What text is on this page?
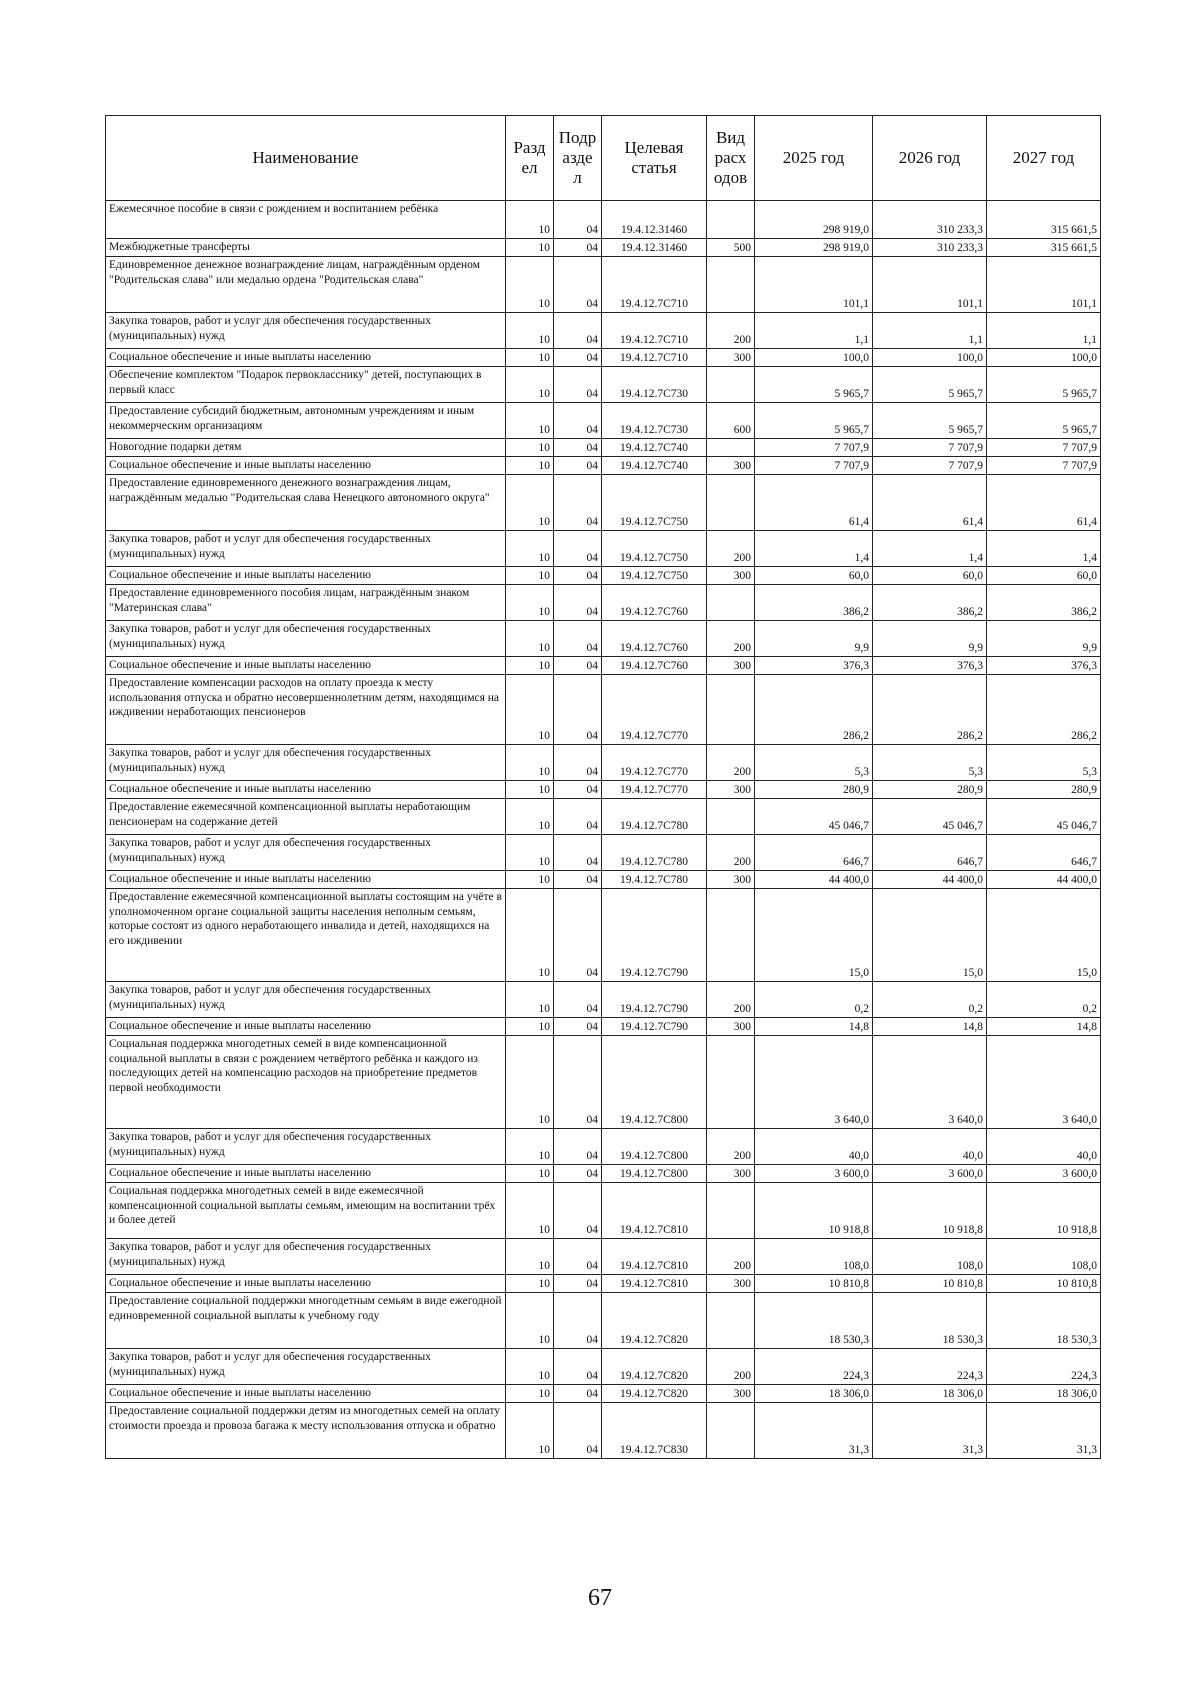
Наименование	Разд ел	Подр азде л	Целевая статья	Вид расх одов	2025 год	2026 год	2027 год
Ежемесячное пособие в связи с рождением и воспитанием ребёнка	10	04	19.4.12.31460		298 919,0	310 233,3	315 661,5
Межбюджетные трансферты	10	04	19.4.12.31460	500	298 919,0	310 233,3	315 661,5
Единовременное денежное вознаграждение лицам, награждённым орденом "Родительская слава" или медалью ордена "Родительская слава"	10	04	19.4.12.7С710		101,1	101,1	101,1
Закупка товаров, работ и услуг для обеспечения государственных (муниципальных) нужд	10	04	19.4.12.7С710	200	1,1	1,1	1,1
Социальное обеспечение и иные выплаты населению	10	04	19.4.12.7С710	300	100,0	100,0	100,0
Обеспечение комплектом "Подарок первокласснику" детей, поступающих в первый класс	10	04	19.4.12.7С730		5 965,7	5 965,7	5 965,7
Предоставление субсидий бюджетным, автономным учреждениям и иным некоммерческим организациям	10	04	19.4.12.7С730	600	5 965,7	5 965,7	5 965,7
Новогодние подарки детям	10	04	19.4.12.7С740		7 707,9	7 707,9	7 707,9
Социальное обеспечение и иные выплаты населению	10	04	19.4.12.7С740	300	7 707,9	7 707,9	7 707,9
Предоставление единовременного денежного вознаграждения лицам, награждённым медалью "Родительская слава Ненецкого автономного округа"	10	04	19.4.12.7С750		61,4	61,4	61,4
Закупка товаров, работ и услуг для обеспечения государственных (муниципальных) нужд	10	04	19.4.12.7С750	200	1,4	1,4	1,4
Социальное обеспечение и иные выплаты населению	10	04	19.4.12.7С750	300	60,0	60,0	60,0
Предоставление единовременного пособия лицам, награждённым знаком "Материнская слава"	10	04	19.4.12.7С760		386,2	386,2	386,2
Закупка товаров, работ и услуг для обеспечения государственных (муниципальных) нужд	10	04	19.4.12.7С760	200	9,9	9,9	9,9
Социальное обеспечение и иные выплаты населению	10	04	19.4.12.7С760	300	376,3	376,3	376,3
Предоставление компенсации расходов на оплату проезда к месту использования отпуска и обратно несовершеннолетним детям, находящимся на иждивении неработающих пенсионеров	10	04	19.4.12.7С770		286,2	286,2	286,2
Закупка товаров, работ и услуг для обеспечения государственных (муниципальных) нужд	10	04	19.4.12.7С770	200	5,3	5,3	5,3
Социальное обеспечение и иные выплаты населению	10	04	19.4.12.7С770	300	280,9	280,9	280,9
Предоставление ежемесячной компенсационной выплаты неработающим пенсионерам на содержание детей	10	04	19.4.12.7С780		45 046,7	45 046,7	45 046,7
Закупка товаров, работ и услуг для обеспечения государственных (муниципальных) нужд	10	04	19.4.12.7С780	200	646,7	646,7	646,7
Социальное обеспечение и иные выплаты населению	10	04	19.4.12.7С780	300	44 400,0	44 400,0	44 400,0
Предоставление ежемесячной компенсационной выплаты состоящим на учёте в уполномоченном органе социальной защиты населения неполным семьям, которые состоят из одного неработающего инвалида и детей, находящихся на его иждивении	10	04	19.4.12.7С790		15,0	15,0	15,0
Закупка товаров, работ и услуг для обеспечения государственных (муниципальных) нужд	10	04	19.4.12.7С790	200	0,2	0,2	0,2
Социальное обеспечение и иные выплаты населению	10	04	19.4.12.7С790	300	14,8	14,8	14,8
Социальная поддержка многодетных семей в виде компенсационной социальной выплаты в связи с рождением четвёртого ребёнка и каждого из последующих детей на компенсацию расходов на приобретение предметов первой необходимости	10	04	19.4.12.7С800		3 640,0	3 640,0	3 640,0
Закупка товаров, работ и услуг для обеспечения государственных (муниципальных) нужд	10	04	19.4.12.7С800	200	40,0	40,0	40,0
Социальное обеспечение и иные выплаты населению	10	04	19.4.12.7С800	300	3 600,0	3 600,0	3 600,0
Социальная поддержка многодетных семей в виде ежемесячной компенсационной социальной выплаты семьям, имеющим на воспитании трёх и более детей	10	04	19.4.12.7С810		10 918,8	10 918,8	10 918,8
Закупка товаров, работ и услуг для обеспечения государственных (муниципальных) нужд	10	04	19.4.12.7С810	200	108,0	108,0	108,0
Социальное обеспечение и иные выплаты населению	10	04	19.4.12.7С810	300	10 810,8	10 810,8	10 810,8
Предоставление социальной поддержки многодетным семьям в виде ежегодной единовременной социальной выплаты к учебному году	10	04	19.4.12.7С820		18 530,3	18 530,3	18 530,3
Закупка товаров, работ и услуг для обеспечения государственных (муниципальных) нужд	10	04	19.4.12.7С820	200	224,3	224,3	224,3
Социальное обеспечение и иные выплаты населению	10	04	19.4.12.7С820	300	18 306,0	18 306,0	18 306,0
Предоставление социальной поддержки детям из многодетных семей на оплату стоимости проезда и провоза багажа к месту использования отпуска и обратно	10	04	19.4.12.7С830		31,3	31,3	31,3
67
